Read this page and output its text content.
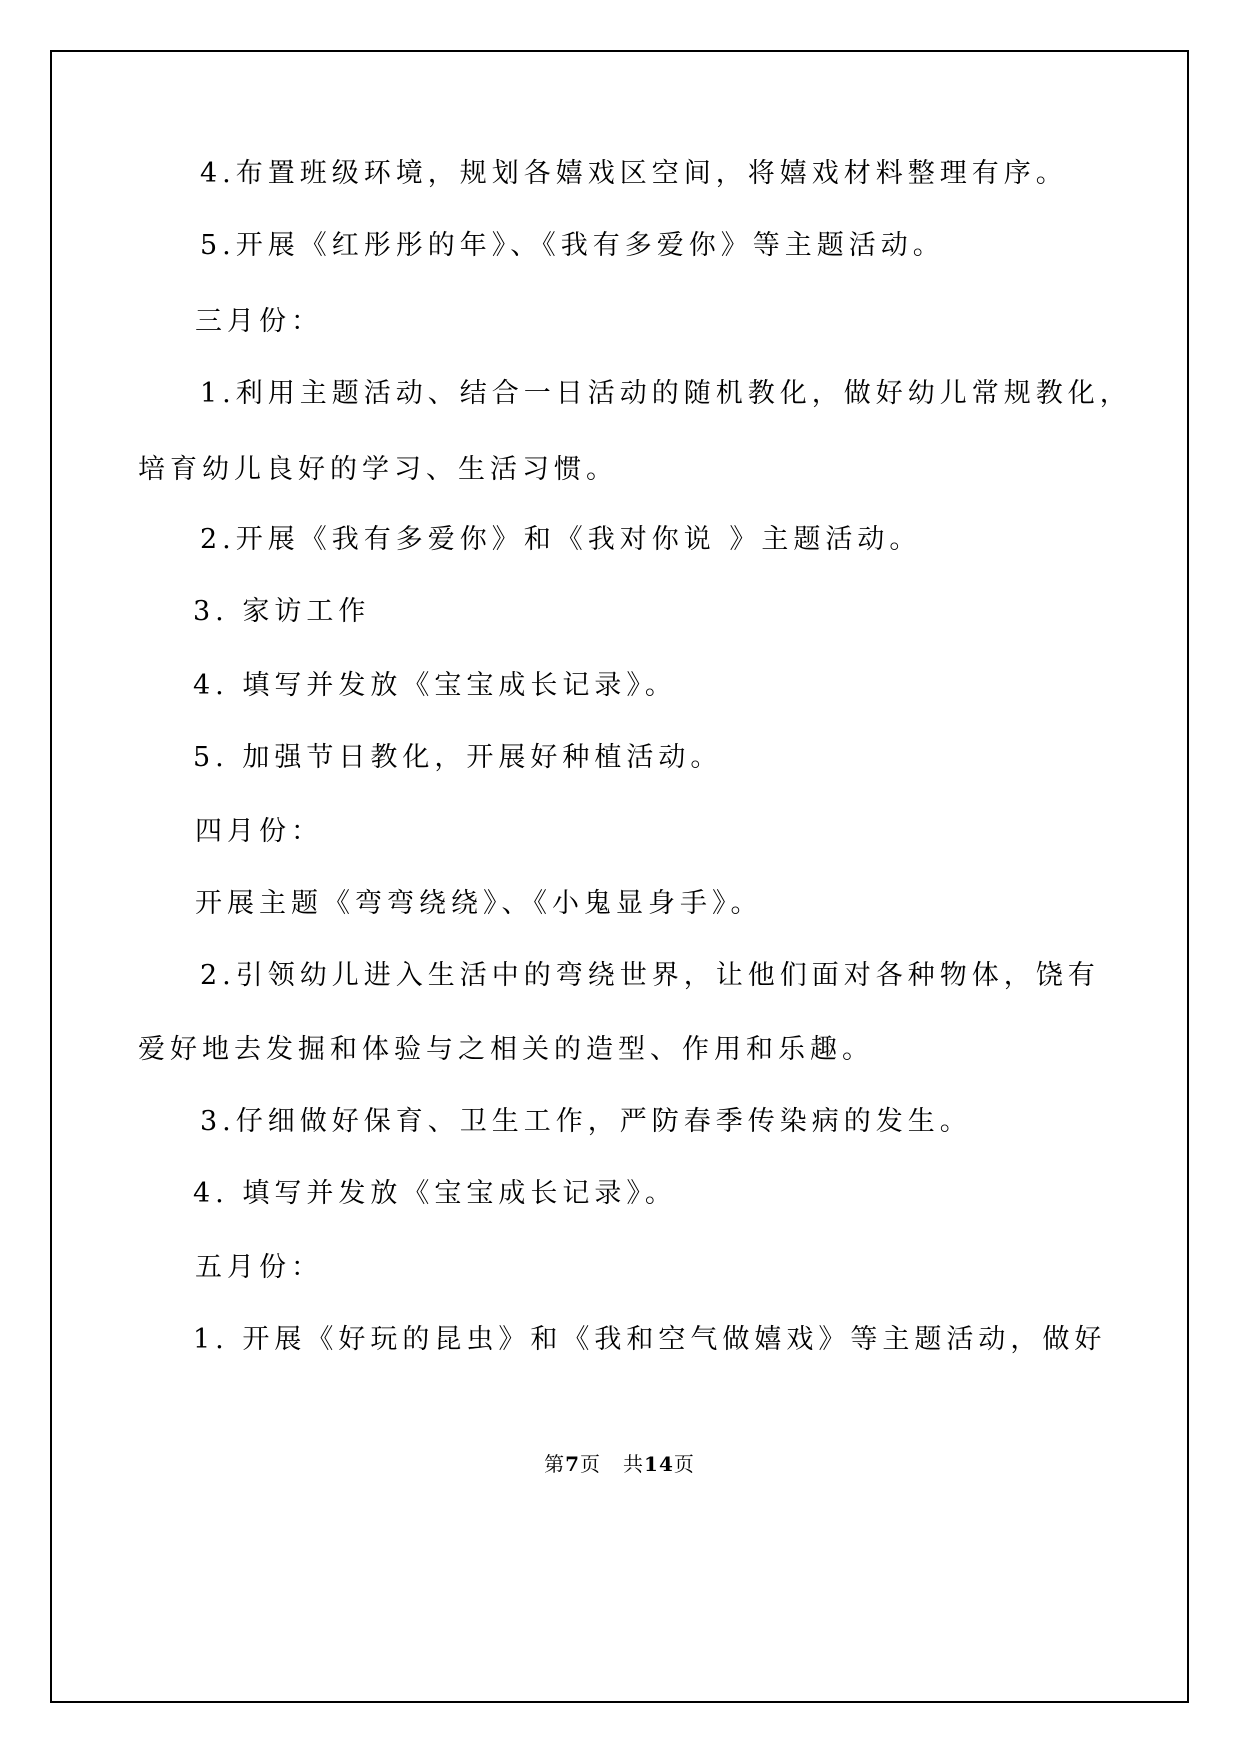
4.布置班级环境，规划各嬉戏区空间，将嬉戏材料整理有序。
5.开展《红彤彤的年》、《我有多爱你》等主题活动。
三月份：
1.利用主题活动、结合一日活动的随机教化，做好幼儿常规教化，
培育幼儿良好的学习、生活习惯。
2.开展《我有多爱你》和《我对你说 》主题活动。
3. 家访工作
4. 填写并发放《宝宝成长记录》。
5. 加强节日教化，开展好种植活动。
四月份：
开展主题《弯弯绕绕》、《小鬼显身手》。
2.引领幼儿进入生活中的弯绕世界，让他们面对各种物体，饶有
爱好地去发掘和体验与之相关的造型、作用和乐趣。
3.仔细做好保育、卫生工作，严防春季传染病的发生。
4. 填写并发放《宝宝成长记录》。
五月份：
1. 开展《好玩的昆虫》和《我和空气做嬉戏》等主题活动，做好
第7页 共14页
